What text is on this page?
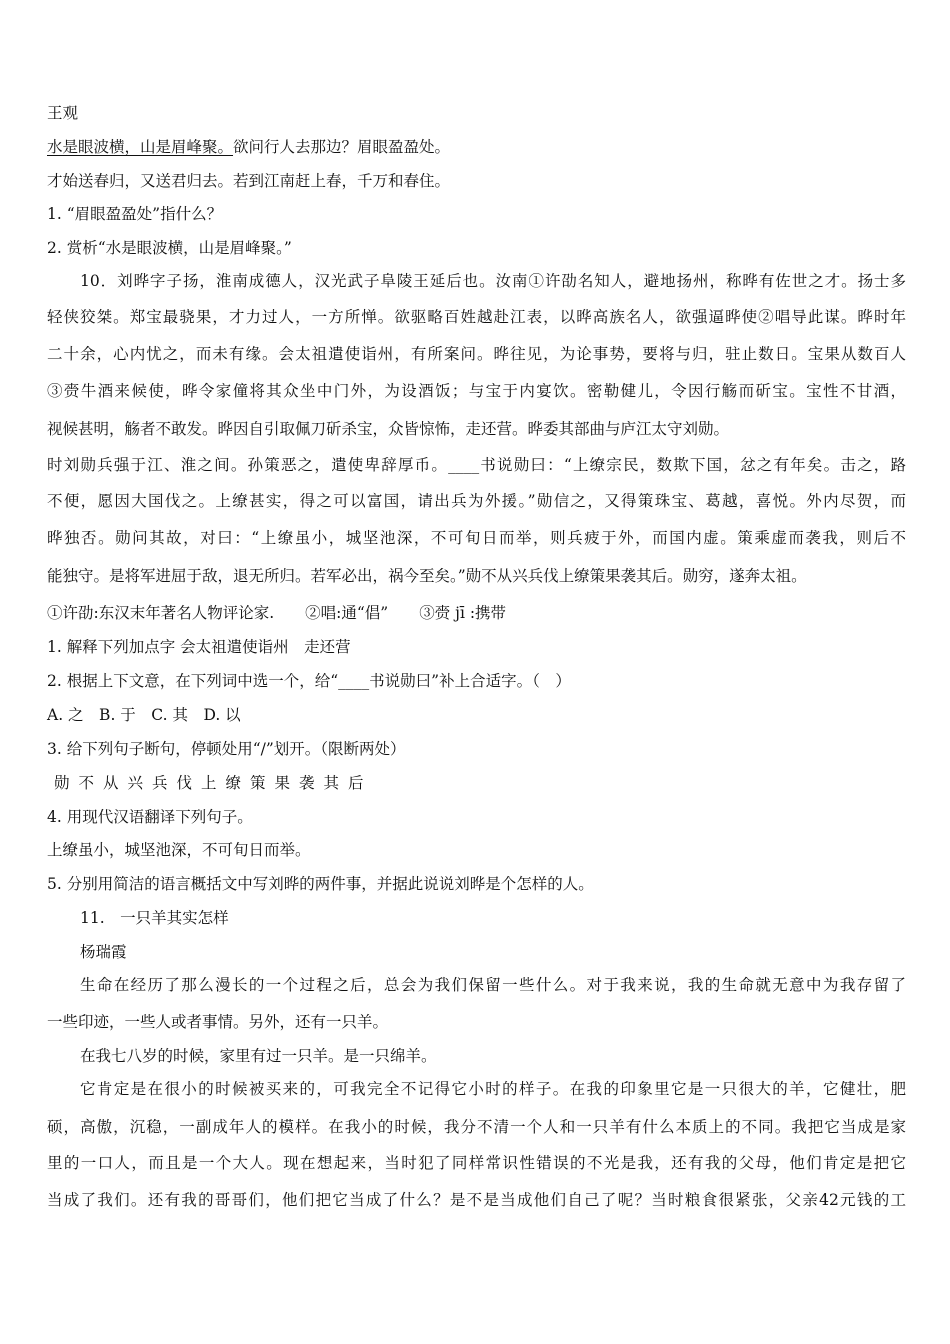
王观
水是眼波横，山是眉峰聚。欲问行人去那边？眉眼盈盈处。
才始送春归，又送君归去。若到江南赶上春，千万和春住。
1. “眉眼盈盈处”指什么？
2. 赏析“水是眼波横，山是眉峰聚。”
10．刘晔字子扬，淮南成德人，汉光武子阜陵王延后也。汝南①许劭名知人，避地扬州，称晔有佐世之才。扬士多
轻侠狡桀。郑宝最骁果，才力过人，一方所惮。欲驱略百姓越赴江表，以晔高族名人，欲强逼晔使②唱导此谋。晔时年
二十余，心内忧之，而未有缘。会太祖遣使诣州，有所案问。晔往见，为论事势，要将与归，驻止数日。宝果从数百人
③赍牛酒来候使，晔令家僮将其众坐中门外，为设酒饭；与宝于内宴饮。密勒健儿，令因行觞而斫宝。宝性不甘酒，
视候甚明，觞者不敢发。晔因自引取佩刀斫杀宝，众皆惊怖，走还营。晔委其部曲与庐江太守刘勋。
时刘勋兵强于江、淮之间。孙策恶之，遣使卑辞厚币。____书说勋曰：“上缭宗民，数欺下国，忿之有年矣。击之，路
不便，愿因大国伐之。上缭甚实，得之可以富国，请出兵为外援。”勋信之，又得策珠宝、葛越，喜悦。外内尽贺，而
晔独否。勋问其故，对曰：“上缭虽小，城坚池深，不可旬日而举，则兵疲于外，而国内虚。策乘虚而袭我，则后不
能独守。是将军进屈于敌，退无所归。若军必出，祸今至矣。”勋不从兴兵伐上缭策果袭其后。勋穷，遂奔太祖。
①许劭:东汉末年著名人物评论家.　　②唱:通“倡”　　③赍 jī :携带
1. 解释下列加点字 会太祖遣使诣州　走还营
2. 根据上下文意，在下列词中选一个，给“____书说勋曰”补上合适字。（　）
A. 之　B. 于　C. 其　D. 以
3. 给下列句子断句，停顿处用“/”划开。（限断两处）
勋不从兴兵伐上缭策果袭其后
4. 用现代汉语翻译下列句子。
上缭虽小，城坚池深，不可旬日而举。
5. 分别用简洁的语言概括文中写刘晔的两件事，并据此说说刘晔是个怎样的人。
11.　一只羊其实怎样
杨瑞霞
生命在经历了那么漫长的一个过程之后，总会为我们保留一些什么。对于我来说，我的生命就无意中为我存留了
一些印迹，一些人或者事情。另外，还有一只羊。
在我七八岁的时候，家里有过一只羊。是一只绵羊。
它肯定是在很小的时候被买来的，可我完全不记得它小时的样子。在我的印象里它是一只很大的羊，它健壮，肥
硕，高傲，沉稳，一副成年人的模样。在我小的时候，我分不清一个人和一只羊有什么本质上的不同。我把它当成是家
里的一口人，而且是一个大人。现在想起来，当时犯了同样常识性错误的不光是我，还有我的父母，他们肯定是把它
当成了我们。还有我的哥哥们，他们把它当成了什么？是不是当成他们自己了呢？当时粮食很紧张，父亲42元钱的工
